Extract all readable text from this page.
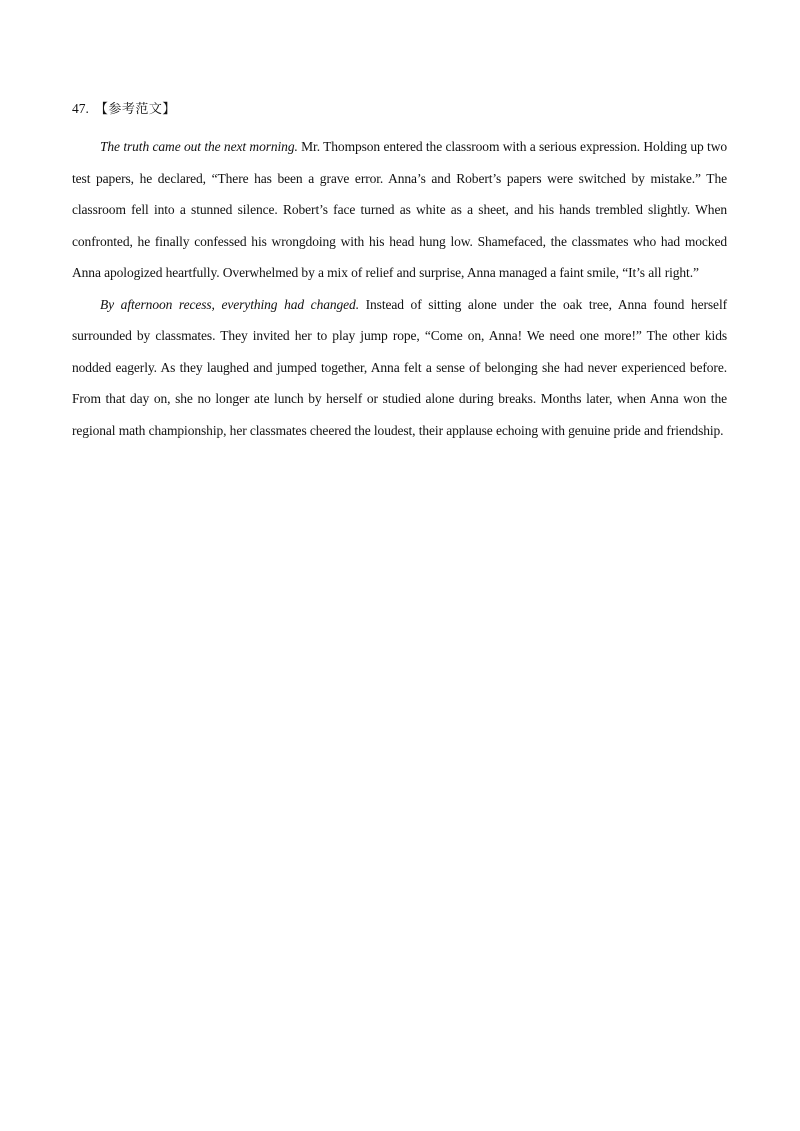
47. 【参考范文】

The truth came out the next morning. Mr. Thompson entered the classroom with a serious expression. Holding up two test papers, he declared, “There has been a grave error. Anna’s and Robert’s papers were switched by mistake.” The classroom fell into a stunned silence. Robert’s face turned as white as a sheet, and his hands trembled slightly. When confronted, he finally confessed his wrongdoing with his head hung low. Shamefaced, the classmates who had mocked Anna apologized heartfully. Overwhelmed by a mix of relief and surprise, Anna managed a faint smile, “It’s all right.”

By afternoon recess, everything had changed. Instead of sitting alone under the oak tree, Anna found herself surrounded by classmates. They invited her to play jump rope, “Come on, Anna! We need one more!” The other kids nodded eagerly. As they laughed and jumped together, Anna felt a sense of belonging she had never experienced before. From that day on, she no longer ate lunch by herself or studied alone during breaks. Months later, when Anna won the regional math championship, her classmates cheered the loudest, their applause echoing with genuine pride and friendship.
